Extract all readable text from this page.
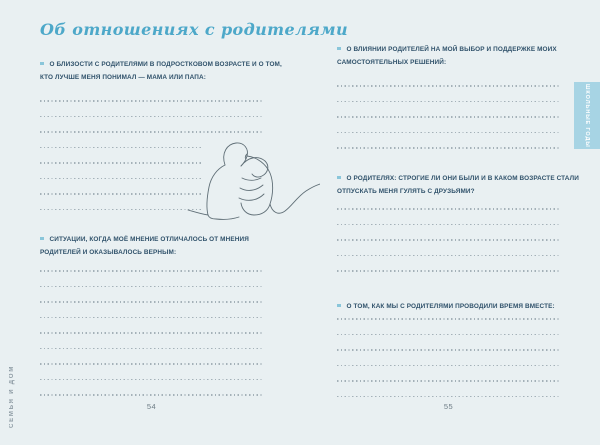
СЕМЬЯ И ДОМ
Об отношениях с родителями
О БЛИЗОСТИ С РОДИТЕЛЯМИ В ПОДРОСТКОВОМ ВОЗРАСТЕ И О ТОМ,
КТО ЛУЧШЕ МЕНЯ ПОНИМАЛ — МАМА ИЛИ ПАПА:
СИТУАЦИИ, КОГДА МОЁ МНЕНИЕ ОТЛИЧАЛОСЬ ОТ МНЕНИЯ
РОДИТЕЛЕЙ И ОКАЗЫВАЛОСЬ ВЕРНЫМ:
54
О ВЛИЯНИИ РОДИТЕЛЕЙ НА МОЙ ВЫБОР И ПОДДЕРЖКЕ МОИХ
САМОСТОЯТЕЛЬНЫХ РЕШЕНИЙ:
О РОДИТЕЛЯХ: СТРОГИЕ ЛИ ОНИ БЫЛИ И В КАКОМ ВОЗРАСТЕ СТАЛИ
ОТПУСКАТЬ МЕНЯ ГУЛЯТЬ С ДРУЗЬЯМИ?
О ТОМ, КАК МЫ С РОДИТЕЛЯМИ ПРОВОДИЛИ ВРЕМЯ ВМЕСТЕ:
55
ШКОЛЬНЫЕ ГОДЫ
